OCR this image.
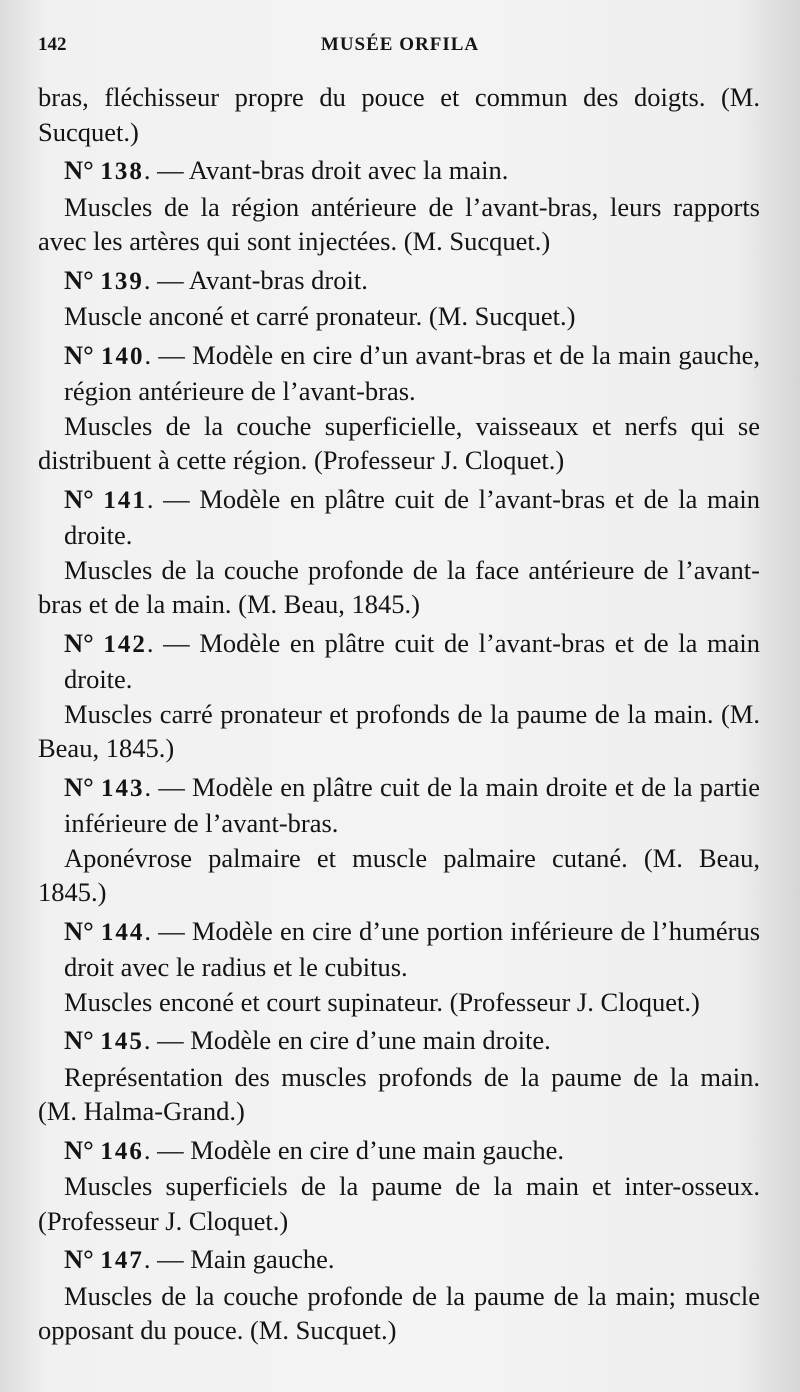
142	MUSÉE ORFILA

bras, fléchisseur propre du pouce et commun des doigts. (M. Sucquet.)

N° 138. — Avant-bras droit avec la main.

Muscles de la région antérieure de l’avant-bras, leurs rapports avec les artères qui sont injectées. (M. Sucquet.)

N° 139. — Avant-bras droit.

Muscle anconé et carré pronateur. (M. Sucquet.)

N° 140. — Modèle en cire d’un avant-bras et de la main gauche, région antérieure de l’avant-bras.

Muscles de la couche superficielle, vaisseaux et nerfs qui se distribuent à cette région. (Professeur J. Cloquet.)

N° 141. — Modèle en plâtre cuit de l’avant-bras et de la main droite.

Muscles de la couche profonde de la face antérieure de l’avant-bras et de la main. (M. Beau, 1845.)

N° 142. — Modèle en plâtre cuit de l’avant-bras et de la main droite.

Muscles carré pronateur et profonds de la paume de la main. (M. Beau, 1845.)

N° 143. — Modèle en plâtre cuit de la main droite et de la partie inférieure de l’avant-bras.

Aponévrose palmaire et muscle palmaire cutané. (M. Beau, 1845.)

N° 144. — Modèle en cire d’une portion inférieure de l’humérus droit avec le radius et le cubitus.

Muscles enconé et court supinateur. (Professeur J. Cloquet.)

N° 145. — Modèle en cire d’une main droite.

Représentation des muscles profonds de la paume de la main. (M. Halma-Grand.)

N° 146. — Modèle en cire d’une main gauche.

Muscles superficiels de la paume de la main et inter-osseux. (Professeur J. Cloquet.)

N° 147. — Main gauche.

Muscles de la couche profonde de la paume de la main; muscle opposant du pouce. (M. Sucquet.)
